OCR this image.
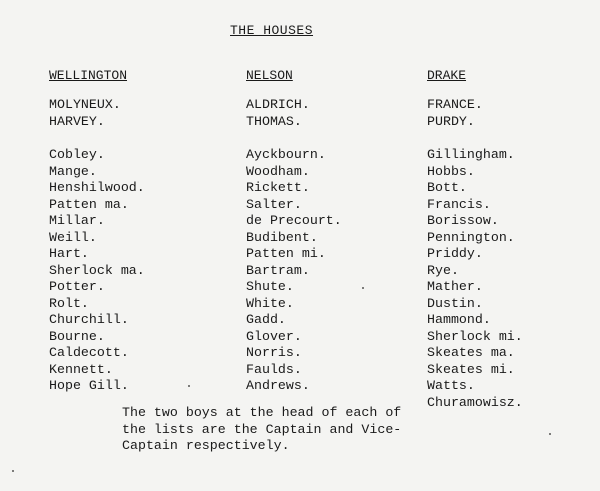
THE HOUSES
WELLINGTON
MOLYNEUX.
HARVEY.
Cobley.
Mange.
Henshilwood.
Patten ma.
Millar.
Weill.
Hart.
Sherlock ma.
Potter.
Rolt.
Churchill.
Bourne.
Caldecott.
Kennett.
Hope Gill.
NELSON
ALDRICH.
THOMAS.
Ayckbourn.
Woodham.
Rickett.
Salter.
de Precourt.
Budibent.
Patten mi.
Bartram.
Shute.
White.
Gadd.
Glover.
Norris.
Faulds.
Andrews.
DRAKE
FRANCE.
PURDY.
Gillingham.
Hobbs.
Bott.
Francis.
Borissow.
Pennington.
Priddy.
Rye.
Mather.
Dustin.
Hammond.
Sherlock mi.
Skeates ma.
Skeates mi.
Watts.
Churamowisz.
The two boys at the head of each of
the lists are the Captain and Vice-
Captain respectively.
